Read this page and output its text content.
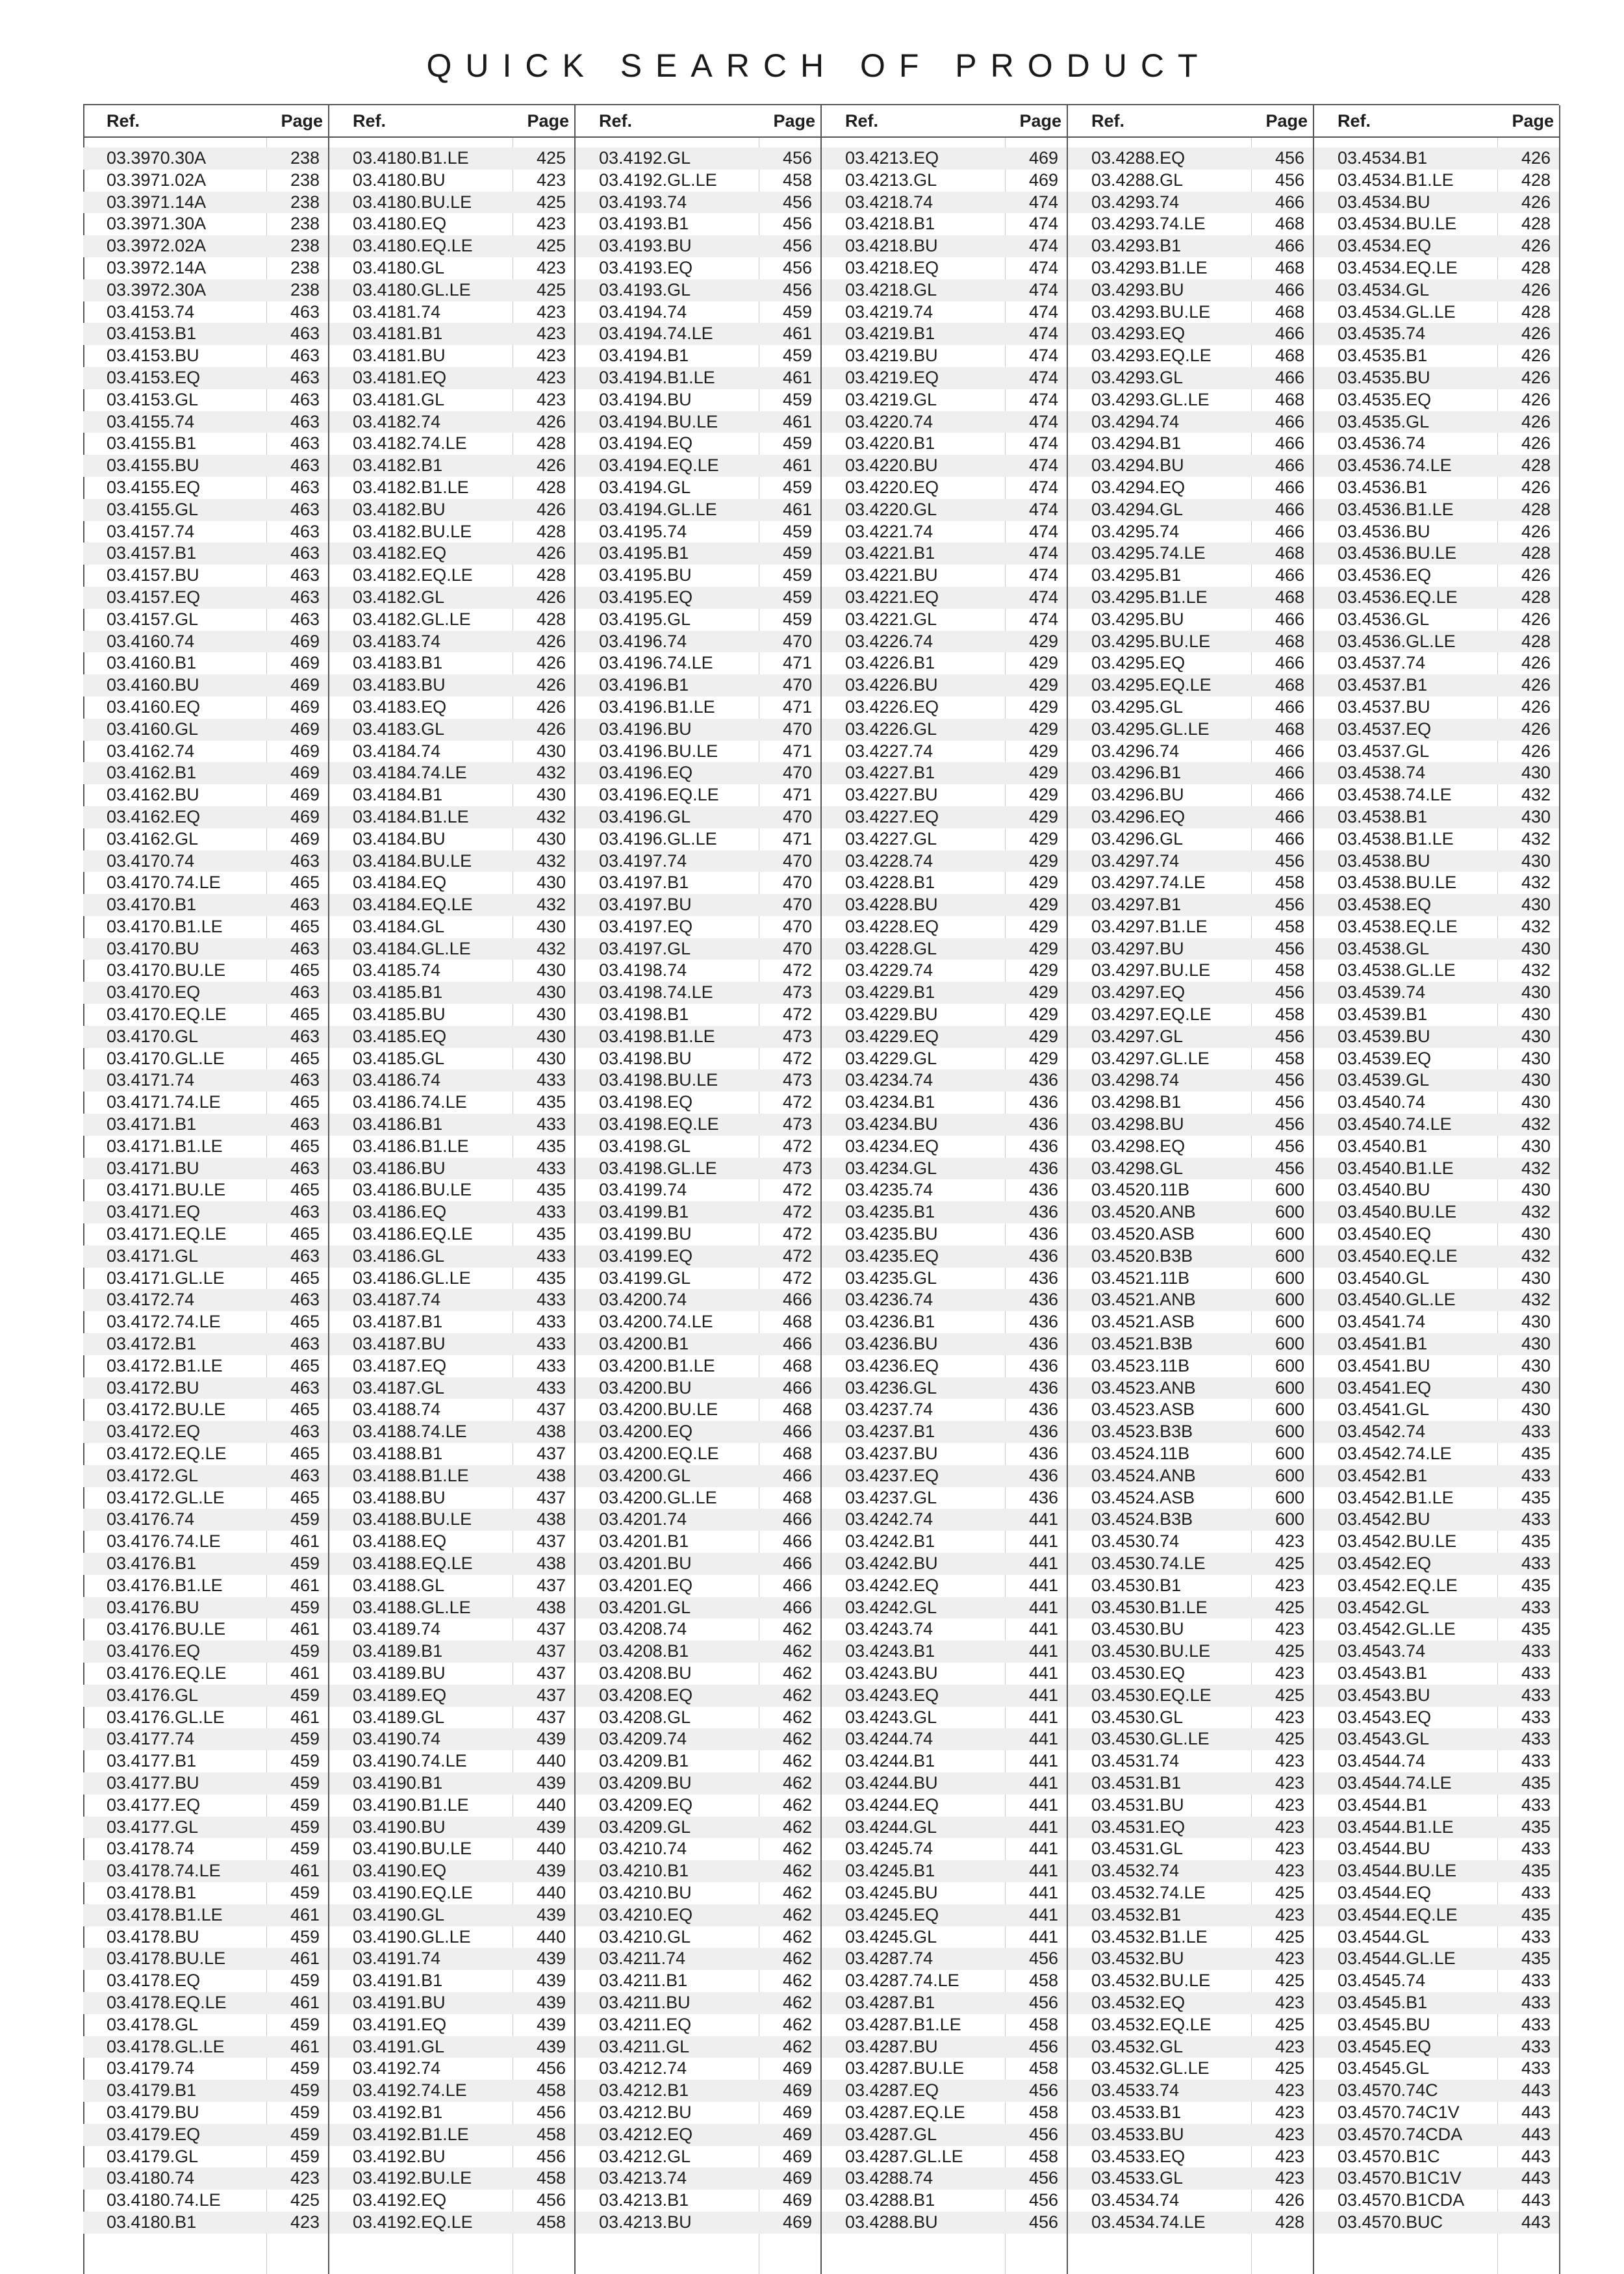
QUICK SEARCH OF PRODUCT
Ref.	Page
03.3970.30A	238
03.3971.02A	238
03.3971.14A	238
03.3971.30A	238
03.3972.02A	238
03.3972.14A	238
03.3972.30A	238
03.4153.74	463
03.4153.B1	463
03.4153.BU	463
03.4153.EQ	463
03.4153.GL	463
03.4155.74	463
03.4155.B1	463
03.4155.BU	463
03.4155.EQ	463
03.4155.GL	463
03.4157.74	463
03.4157.B1	463
03.4157.BU	463
03.4157.EQ	463
03.4157.GL	463
03.4160.74	469
03.4160.B1	469
03.4160.BU	469
03.4160.EQ	469
03.4160.GL	469
03.4162.74	469
03.4162.B1	469
03.4162.BU	469
03.4162.EQ	469
03.4162.GL	469
03.4170.74	463
03.4170.74.LE	465
03.4170.B1	463
03.4170.B1.LE	465
03.4170.BU	463
03.4170.BU.LE	465
03.4170.EQ	463
03.4170.EQ.LE	465
03.4170.GL	463
03.4170.GL.LE	465
03.4171.74	463
03.4171.74.LE	465
03.4171.B1	463
03.4171.B1.LE	465
03.4171.BU	463
03.4171.BU.LE	465
03.4171.EQ	463
03.4171.EQ.LE	465
03.4171.GL	463
03.4171.GL.LE	465
03.4172.74	463
03.4172.74.LE	465
03.4172.B1	463
03.4172.B1.LE	465
03.4172.BU	463
03.4172.BU.LE	465
03.4172.EQ	463
03.4172.EQ.LE	465
03.4172.GL	463
03.4172.GL.LE	465
03.4176.74	459
03.4176.74.LE	461
03.4176.B1	459
03.4176.B1.LE	461
03.4176.BU	459
03.4176.BU.LE	461
03.4176.EQ	459
03.4176.EQ.LE	461
03.4176.GL	459
03.4176.GL.LE	461
03.4177.74	459
03.4177.B1	459
03.4177.BU	459
03.4177.EQ	459
03.4177.GL	459
03.4178.74	459
03.4178.74.LE	461
03.4178.B1	459
03.4178.B1.LE	461
03.4178.BU	459
03.4178.BU.LE	461
03.4178.EQ	459
03.4178.EQ.LE	461
03.4178.GL	459
03.4178.GL.LE	461
03.4179.74	459
03.4179.B1	459
03.4179.BU	459
03.4179.EQ	459
03.4179.GL	459
03.4180.74	423
03.4180.74.LE	425
03.4180.B1	423
Ref.	Page
03.4180.B1.LE	425
03.4180.BU	423
03.4180.BU.LE	425
03.4180.EQ	423
03.4180.EQ.LE	425
03.4180.GL	423
03.4180.GL.LE	425
03.4181.74	423
03.4181.B1	423
03.4181.BU	423
03.4181.EQ	423
03.4181.GL	423
03.4182.74	426
03.4182.74.LE	428
03.4182.B1	426
03.4182.B1.LE	428
03.4182.BU	426
03.4182.BU.LE	428
03.4182.EQ	426
03.4182.EQ.LE	428
03.4182.GL	426
03.4182.GL.LE	428
03.4183.74	426
03.4183.B1	426
03.4183.BU	426
03.4183.EQ	426
03.4183.GL	426
03.4184.74	430
03.4184.74.LE	432
03.4184.B1	430
03.4184.B1.LE	432
03.4184.BU	430
03.4184.BU.LE	432
03.4184.EQ	430
03.4184.EQ.LE	432
03.4184.GL	430
03.4184.GL.LE	432
03.4185.74	430
03.4185.B1	430
03.4185.BU	430
03.4185.EQ	430
03.4185.GL	430
03.4186.74	433
03.4186.74.LE	435
03.4186.B1	433
03.4186.B1.LE	435
03.4186.BU	433
03.4186.BU.LE	435
03.4186.EQ	433
03.4186.EQ.LE	435
03.4186.GL	433
03.4186.GL.LE	435
03.4187.74	433
03.4187.B1	433
03.4187.BU	433
03.4187.EQ	433
03.4187.GL	433
03.4188.74	437
03.4188.74.LE	438
03.4188.B1	437
03.4188.B1.LE	438
03.4188.BU	437
03.4188.BU.LE	438
03.4188.EQ	437
03.4188.EQ.LE	438
03.4188.GL	437
03.4188.GL.LE	438
03.4189.74	437
03.4189.B1	437
03.4189.BU	437
03.4189.EQ	437
03.4189.GL	437
03.4190.74	439
03.4190.74.LE	440
03.4190.B1	439
03.4190.B1.LE	440
03.4190.BU	439
03.4190.BU.LE	440
03.4190.EQ	439
03.4190.EQ.LE	440
03.4190.GL	439
03.4190.GL.LE	440
03.4191.74	439
03.4191.B1	439
03.4191.BU	439
03.4191.EQ	439
03.4191.GL	439
03.4192.74	456
03.4192.74.LE	458
03.4192.B1	456
03.4192.B1.LE	458
03.4192.BU	456
03.4192.BU.LE	458
03.4192.EQ	456
03.4192.EQ.LE	458
Ref.	Page
03.4192.GL	456
03.4192.GL.LE	458
03.4193.74	456
03.4193.B1	456
03.4193.BU	456
03.4193.EQ	456
03.4193.GL	456
03.4194.74	459
03.4194.74.LE	461
03.4194.B1	459
03.4194.B1.LE	461
03.4194.BU	459
03.4194.BU.LE	461
03.4194.EQ	459
03.4194.EQ.LE	461
03.4194.GL	459
03.4194.GL.LE	461
03.4195.74	459
03.4195.B1	459
03.4195.BU	459
03.4195.EQ	459
03.4195.GL	459
03.4196.74	470
03.4196.74.LE	471
03.4196.B1	470
03.4196.B1.LE	471
03.4196.BU	470
03.4196.BU.LE	471
03.4196.EQ	470
03.4196.EQ.LE	471
03.4196.GL	470
03.4196.GL.LE	471
03.4197.74	470
03.4197.B1	470
03.4197.BU	470
03.4197.EQ	470
03.4197.GL	470
03.4198.74	472
03.4198.74.LE	473
03.4198.B1	472
03.4198.B1.LE	473
03.4198.BU	472
03.4198.BU.LE	473
03.4198.EQ	472
03.4198.EQ.LE	473
03.4198.GL	472
03.4198.GL.LE	473
03.4199.74	472
03.4199.B1	472
03.4199.BU	472
03.4199.EQ	472
03.4199.GL	472
03.4200.74	466
03.4200.74.LE	468
03.4200.B1	466
03.4200.B1.LE	468
03.4200.BU	466
03.4200.BU.LE	468
03.4200.EQ	466
03.4200.EQ.LE	468
03.4200.GL	466
03.4200.GL.LE	468
03.4201.74	466
03.4201.B1	466
03.4201.BU	466
03.4201.EQ	466
03.4201.GL	466
03.4208.74	462
03.4208.B1	462
03.4208.BU	462
03.4208.EQ	462
03.4208.GL	462
03.4209.74	462
03.4209.B1	462
03.4209.BU	462
03.4209.EQ	462
03.4209.GL	462
03.4210.74	462
03.4210.B1	462
03.4210.BU	462
03.4210.EQ	462
03.4210.GL	462
03.4211.74	462
03.4211.B1	462
03.4211.BU	462
03.4211.EQ	462
03.4211.GL	462
03.4212.74	469
03.4212.B1	469
03.4212.BU	469
03.4212.EQ	469
03.4212.GL	469
03.4213.74	469
03.4213.B1	469
03.4213.BU	469
Ref.	Page
03.4213.EQ	469
03.4213.GL	469
03.4218.74	474
03.4218.B1	474
03.4218.BU	474
03.4218.EQ	474
03.4218.GL	474
03.4219.74	474
03.4219.B1	474
03.4219.BU	474
03.4219.EQ	474
03.4219.GL	474
03.4220.74	474
03.4220.B1	474
03.4220.BU	474
03.4220.EQ	474
03.4220.GL	474
03.4221.74	474
03.4221.B1	474
03.4221.BU	474
03.4221.EQ	474
03.4221.GL	474
03.4226.74	429
03.4226.B1	429
03.4226.BU	429
03.4226.EQ	429
03.4226.GL	429
03.4227.74	429
03.4227.B1	429
03.4227.BU	429
03.4227.EQ	429
03.4227.GL	429
03.4228.74	429
03.4228.B1	429
03.4228.BU	429
03.4228.EQ	429
03.4228.GL	429
03.4229.74	429
03.4229.B1	429
03.4229.BU	429
03.4229.EQ	429
03.4229.GL	429
03.4234.74	436
03.4234.B1	436
03.4234.BU	436
03.4234.EQ	436
03.4234.GL	436
03.4235.74	436
03.4235.B1	436
03.4235.BU	436
03.4235.EQ	436
03.4235.GL	436
03.4236.74	436
03.4236.B1	436
03.4236.BU	436
03.4236.EQ	436
03.4236.GL	436
03.4237.74	436
03.4237.B1	436
03.4237.BU	436
03.4237.EQ	436
03.4237.GL	436
03.4242.74	441
03.4242.B1	441
03.4242.BU	441
03.4242.EQ	441
03.4242.GL	441
03.4243.74	441
03.4243.B1	441
03.4243.BU	441
03.4243.EQ	441
03.4243.GL	441
03.4244.74	441
03.4244.B1	441
03.4244.BU	441
03.4244.EQ	441
03.4244.GL	441
03.4245.74	441
03.4245.B1	441
03.4245.BU	441
03.4245.EQ	441
03.4245.GL	441
03.4287.74	456
03.4287.74.LE	458
03.4287.B1	456
03.4287.B1.LE	458
03.4287.BU	456
03.4287.BU.LE	458
03.4287.EQ	456
03.4287.EQ.LE	458
03.4287.GL	456
03.4287.GL.LE	458
03.4288.74	456
03.4288.B1	456
03.4288.BU	456
Ref.	Page
03.4288.EQ	456
03.4288.GL	456
03.4293.74	466
03.4293.74.LE	468
03.4293.B1	466
03.4293.B1.LE	468
03.4293.BU	466
03.4293.BU.LE	468
03.4293.EQ	466
03.4293.EQ.LE	468
03.4293.GL	466
03.4293.GL.LE	468
03.4294.74	466
03.4294.B1	466
03.4294.BU	466
03.4294.EQ	466
03.4294.GL	466
03.4295.74	466
03.4295.74.LE	468
03.4295.B1	466
03.4295.B1.LE	468
03.4295.BU	466
03.4295.BU.LE	468
03.4295.EQ	466
03.4295.EQ.LE	468
03.4295.GL	466
03.4295.GL.LE	468
03.4296.74	466
03.4296.B1	466
03.4296.BU	466
03.4296.EQ	466
03.4296.GL	466
03.4297.74	456
03.4297.74.LE	458
03.4297.B1	456
03.4297.B1.LE	458
03.4297.BU	456
03.4297.BU.LE	458
03.4297.EQ	456
03.4297.EQ.LE	458
03.4297.GL	456
03.4297.GL.LE	458
03.4298.74	456
03.4298.B1	456
03.4298.BU	456
03.4298.EQ	456
03.4298.GL	456
03.4520.11B	600
03.4520.ANB	600
03.4520.ASB	600
03.4520.B3B	600
03.4521.11B	600
03.4521.ANB	600
03.4521.ASB	600
03.4521.B3B	600
03.4523.11B	600
03.4523.ANB	600
03.4523.ASB	600
03.4523.B3B	600
03.4524.11B	600
03.4524.ANB	600
03.4524.ASB	600
03.4524.B3B	600
03.4530.74	423
03.4530.74.LE	425
03.4530.B1	423
03.4530.B1.LE	425
03.4530.BU	423
03.4530.BU.LE	425
03.4530.EQ	423
03.4530.EQ.LE	425
03.4530.GL	423
03.4530.GL.LE	425
03.4531.74	423
03.4531.B1	423
03.4531.BU	423
03.4531.EQ	423
03.4531.GL	423
03.4532.74	423
03.4532.74.LE	425
03.4532.B1	423
03.4532.B1.LE	425
03.4532.BU	423
03.4532.BU.LE	425
03.4532.EQ	423
03.4532.EQ.LE	425
03.4532.GL	423
03.4532.GL.LE	425
03.4533.74	423
03.4533.B1	423
03.4533.BU	423
03.4533.EQ	423
03.4533.GL	423
03.4534.74	426
03.4534.74.LE	428
Ref.	Page
03.4534.B1	426
03.4534.B1.LE	428
03.4534.BU	426
03.4534.BU.LE	428
03.4534.EQ	426
03.4534.EQ.LE	428
03.4534.GL	426
03.4534.GL.LE	428
03.4535.74	426
03.4535.B1	426
03.4535.BU	426
03.4535.EQ	426
03.4535.GL	426
03.4536.74	426
03.4536.74.LE	428
03.4536.B1	426
03.4536.B1.LE	428
03.4536.BU	426
03.4536.BU.LE	428
03.4536.EQ	426
03.4536.EQ.LE	428
03.4536.GL	426
03.4536.GL.LE	428
03.4537.74	426
03.4537.B1	426
03.4537.BU	426
03.4537.EQ	426
03.4537.GL	426
03.4538.74	430
03.4538.74.LE	432
03.4538.B1	430
03.4538.B1.LE	432
03.4538.BU	430
03.4538.BU.LE	432
03.4538.EQ	430
03.4538.EQ.LE	432
03.4538.GL	430
03.4538.GL.LE	432
03.4539.74	430
03.4539.B1	430
03.4539.BU	430
03.4539.EQ	430
03.4539.GL	430
03.4540.74	430
03.4540.74.LE	432
03.4540.B1	430
03.4540.B1.LE	432
03.4540.BU	430
03.4540.BU.LE	432
03.4540.EQ	430
03.4540.EQ.LE	432
03.4540.GL	430
03.4540.GL.LE	432
03.4541.74	430
03.4541.B1	430
03.4541.BU	430
03.4541.EQ	430
03.4541.GL	430
03.4542.74	433
03.4542.74.LE	435
03.4542.B1	433
03.4542.B1.LE	435
03.4542.BU	433
03.4542.BU.LE	435
03.4542.EQ	433
03.4542.EQ.LE	435
03.4542.GL	433
03.4542.GL.LE	435
03.4543.74	433
03.4543.B1	433
03.4543.BU	433
03.4543.EQ	433
03.4543.GL	433
03.4544.74	433
03.4544.74.LE	435
03.4544.B1	433
03.4544.B1.LE	435
03.4544.BU	433
03.4544.BU.LE	435
03.4544.EQ	433
03.4544.EQ.LE	435
03.4544.GL	433
03.4544.GL.LE	435
03.4545.74	433
03.4545.B1	433
03.4545.BU	433
03.4545.EQ	433
03.4545.GL	433
03.4570.74C	443
03.4570.74C1V	443
03.4570.74CDA	443
03.4570.B1C	443
03.4570.B1C1V	443
03.4570.B1CDA	443
03.4570.BUC	443
